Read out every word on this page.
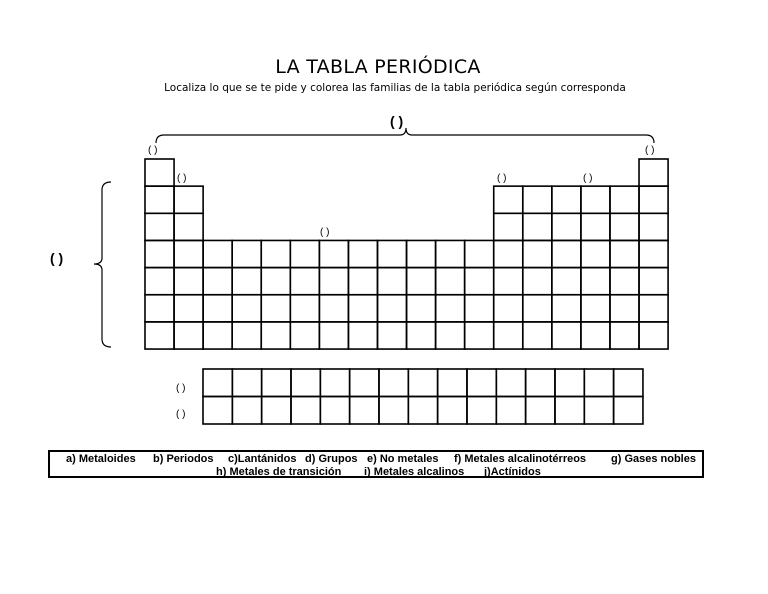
LA TABLA PERIÓDICA
Localiza lo que se te pide y colorea las familias de la tabla periódica según corresponda
( )
( )
( )
( )
( )	( )
( )
( )
( )
( )
a) Metaloides b) Periodos c)Lantánidos d) Grupos e) No metales f) Metales alcalinotérreos g) Gases nobles
h) Metales de transición i) Metales alcalinos j)Actínidos
